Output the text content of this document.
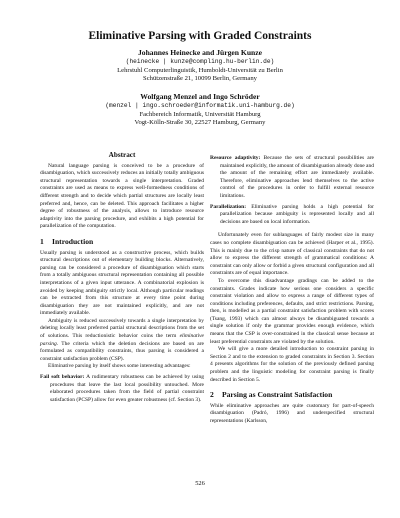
Eliminative Parsing with Graded Constraints
Johannes Heinecke and Jürgen Kunze
(heinecke | kunze@compling.hu-berlin.de)
Lehrstuhl Computerlinguistik, Humboldt-Universität zu Berlin
Schützenstraße 21, 10099 Berlin, Germany
Wolfgang Menzel and Ingo Schröder
(menzel | ingo.schroeder@informatik.uni-hamburg.de)
Fachbereich Informatik, Universität Hamburg
Vogt-Kölln-Straße 30, 22527 Hamburg, Germany
Abstract

Natural language parsing is conceived to be a procedure of disambiguation, which successively reduces an initially totally ambiguous structural representation towards a single interpretation. Graded constraints are used as means to express well-formedness conditions of different strength and to decide which partial structures are locally least preferred and, hence, can be deleted. This approach facilitates a higher degree of robustness of the analysis, allows to introduce resource adaptivity into the parsing procedure, and exhibits a high potential for parallelization of the computation.

1 Introduction

Usually parsing is understood as a constructive process, which builds structural descriptions out of elementary building blocks. Alternatively, parsing can be considered a procedure of disambiguation which starts from a totally ambiguous structural representation containing all possible interpretations of a given input utterance. A combinatorial explosion is avoided by keeping ambiguity strictly local. Although particular readings can be extracted from this structure at every time point during disambiguation they are not maintained explicitly, and are not immediately available.

Ambiguity is reduced successively towards a single interpretation by deleting locally least preferred partial structural descriptions from the set of solutions. This reductionistic behavior coins the term eliminative parsing. The criteria which the deletion decisions are based on are formulated as compatibility constraints, thus parsing is considered a constraint satisfaction problem (CSP).

Eliminative parsing by itself shows some interesting advantages:

Fail soft behavior: A rudimentary robustness can be achieved by using procedures that leave the last local possibility untouched. More elaborated procedures taken from the field of partial constraint satisfaction (PCSP) allow for even greater robustness (cf. Section 3).
Resource adaptivity: Because the sets of structural possibilities are maintained explicitly, the amount of disambiguation already done and the amount of the remaining effort are immediately available. Therefore, eliminative approaches lend themselves to the active control of the procedures in order to fulfill external resource limitations.
Parallelization: Eliminative parsing holds a high potential for parallelization because ambiguity is represented locally and all decisions are based on local information.

Unfortunately even for sublanguages of fairly modest size in many cases no complete disambiguation can be achieved (Harper et al., 1995). This is mainly due to the crisp nature of classical constraints that do not allow to express the different strength of grammatical conditions: A constraint can only allow or forbid a given structural configuration and all constraints are of equal importance.

To overcome this disadvantage gradings can be added to the constraints. Grades indicate how serious one considers a specific constraint violation and allow to express a range of different types of conditions including preferences, defaults, and strict restrictions. Parsing, then, is modelled as a partial constraint satisfaction problem with scores (Tsang, 1993) which can almost always be disambiguated towards a single solution if only the grammar provides enough evidence, which means that the CSP is over-constrained in the classical sense because at least preferential constraints are violated by the solution.

We will give a more detailed introduction to constraint parsing in Section 2 and to the extension to graded constraints in Section 3. Section 4 presents algorithms for the solution of the previously defined parsing problem and the linguistic modeling for constraint parsing is finally described in Section 5.

2 Parsing as Constraint Satisfaction

While eliminative approaches are quite customary for part-of-speech disambiguation (Padró, 1996) and underspecified structural representations (Karlsson,

526
